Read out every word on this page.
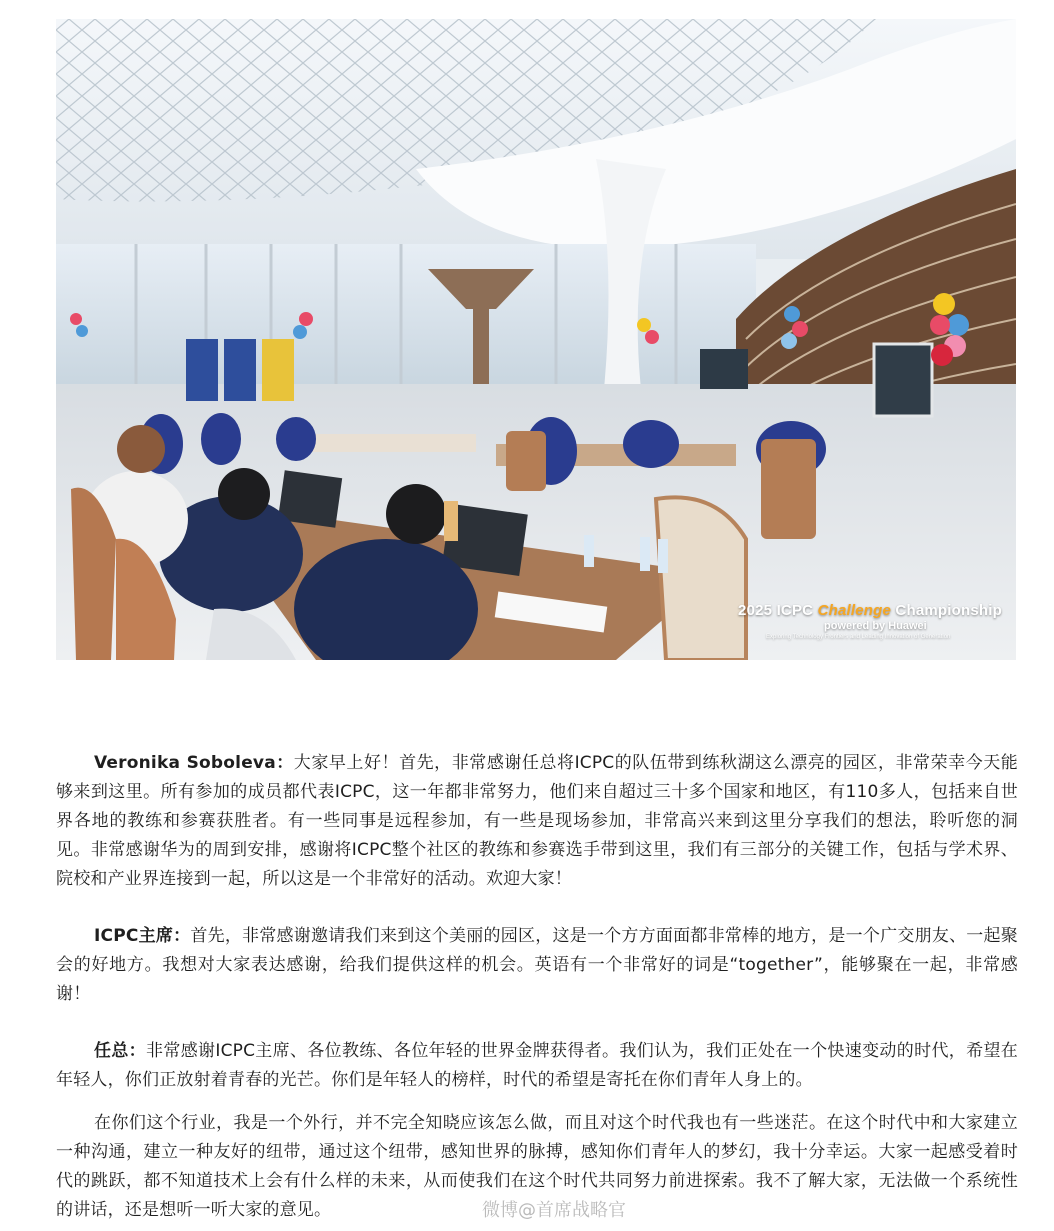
2025 ICPC Challenge Championship
powered by Huawei
Exploring Technology Frontiers and Leading Innovation of Generation

Veronika Soboleva：大家早上好！首先，非常感谢任总将ICPC的队伍带到练秋湖这么漂亮的园区，非常荣幸今天能够来到这里。所有参加的成员都代表ICPC，这一年都非常努力，他们来自超过三十多个国家和地区，有110多人，包括来自世界各地的教练和参赛获胜者。有一些同事是远程参加，有一些是现场参加，非常高兴来到这里分享我们的想法，聆听您的洞见。非常感谢华为的周到安排，感谢将ICPC整个社区的教练和参赛选手带到这里，我们有三部分的关键工作，包括与学术界、院校和产业界连接到一起，所以这是一个非常好的活动。欢迎大家！

ICPC主席：首先，非常感谢邀请我们来到这个美丽的园区，这是一个方方面面都非常棒的地方，是一个广交朋友、一起聚会的好地方。我想对大家表达感谢，给我们提供这样的机会。英语有一个非常好的词是“together”，能够聚在一起，非常感谢！

任总：非常感谢ICPC主席、各位教练、各位年轻的世界金牌获得者。我们认为，我们正处在一个快速变动的时代，希望在年轻人，你们正放射着青春的光芒。你们是年轻人的榜样，时代的希望是寄托在你们青年人身上的。

在你们这个行业，我是一个外行，并不完全知晓应该怎么做，而且对这个时代我也有一些迷茫。在这个时代中和大家建立一种沟通，建立一种友好的纽带，通过这个纽带，感知世界的脉搏，感知你们青年人的梦幻，我十分幸运。大家一起感受着时代的跳跃，都不知道技术上会有什么样的未来，从而使我们在这个时代共同努力前进探索。我不了解大家，无法做一个系统性的讲话，还是想听一听大家的意见。	微博@首席战略官
